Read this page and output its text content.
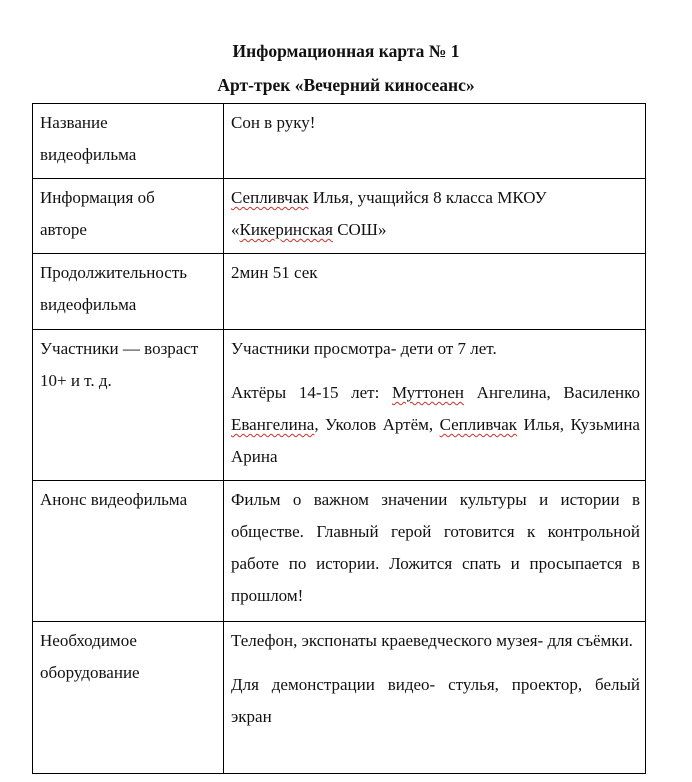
Информационная карта № 1
Арт-трек «Вечерний киносеанс»
Название видеофильма	Сон в руку!

Информация об авторе	Сепливчак Илья, учащийся 8 класса МКОУ «Кикеринская СОШ»

Продолжительность видеофильма	2мин 51 сек

Участники — возраст 10+ и т. д.	Участники просмотра- дети от 7 лет.

Актёры 14-15 лет: Муттонен Ангелина, Василенко Евангелина, Уколов Артём, Сепливчак Илья, Кузьмина Арина

Анонс видеофильма	Фильм о важном значении культуры и истории в обществе. Главный герой готовится к контрольной работе по истории. Ложится спать и просыпается в прошлом!

Необходимое оборудование	Телефон, экспонаты краеведческого музея- для съёмки.

Для демонстрации видео- стулья, проектор, белый экран
